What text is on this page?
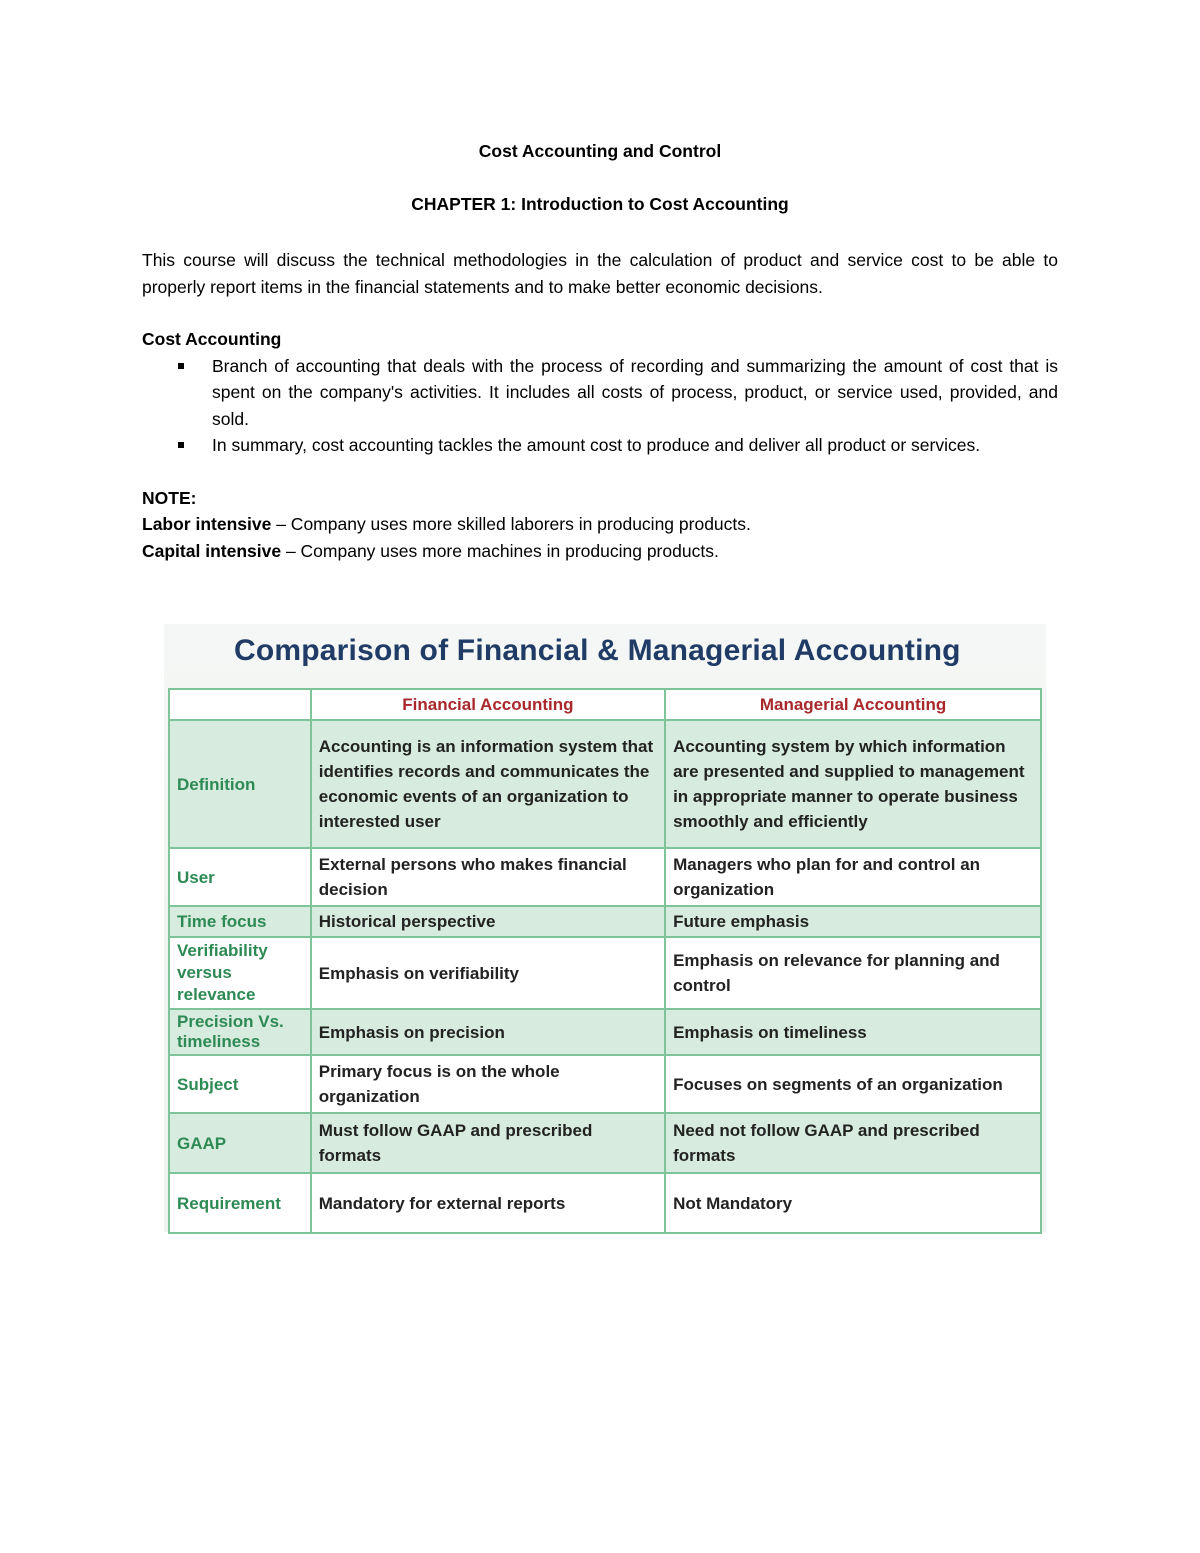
Cost Accounting and Control
CHAPTER 1: Introduction to Cost Accounting
This course will discuss the technical methodologies in the calculation of product and service cost to be able to properly report items in the financial statements and to make better economic decisions.
Cost Accounting
Branch of accounting that deals with the process of recording and summarizing the amount of cost that is spent on the company's activities. It includes all costs of process, product, or service used, provided, and sold.
In summary, cost accounting tackles the amount cost to produce and deliver all product or services.
NOTE:
Labor intensive – Company uses more skilled laborers in producing products.
Capital intensive – Company uses more machines in producing products.
Comparison of Financial & Managerial Accounting
	Financial Accounting	Managerial Accounting
Definition	Accounting is an information system that identifies records and communicates the economic events of an organization to interested user	Accounting system by which information are presented and supplied to management in appropriate manner to operate business smoothly and efficiently
User	External persons who makes financial decision	Managers who plan for and control an organization
Time focus	Historical perspective	Future emphasis
Verifiability versus relevance	Emphasis on verifiability	Emphasis on relevance for planning and control
Precision Vs. timeliness	Emphasis on precision	Emphasis on timeliness
Subject	Primary focus is on the whole organization	Focuses on segments of an organization
GAAP	Must follow GAAP and prescribed formats	Need not follow GAAP and prescribed formats
Requirement	Mandatory for external reports	Not Mandatory
